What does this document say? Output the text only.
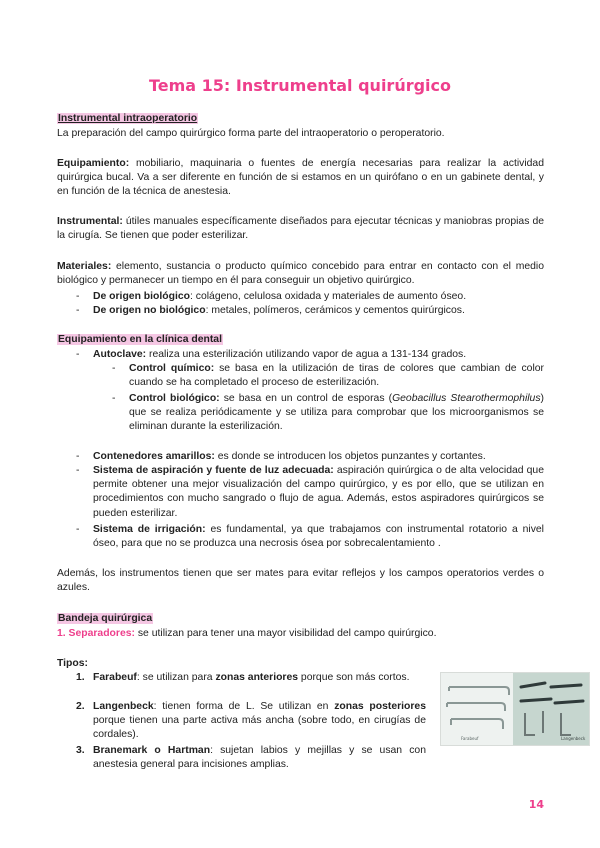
Tema 15: Instrumental quirúrgico
Instrumental intraoperatorio
La preparación del campo quirúrgico forma parte del intraoperatorio o peroperatorio.
Equipamiento: mobiliario, maquinaria o fuentes de energía necesarias para realizar la actividad quirúrgica bucal. Va a ser diferente en función de si estamos en un quirófano o en un gabinete dental, y en función de la técnica de anestesia.
Instrumental: útiles manuales específicamente diseñados para ejecutar técnicas y maniobras propias de la cirugía. Se tienen que poder esterilizar.
Materiales: elemento, sustancia o producto químico concebido para entrar en contacto con el medio biológico y permanecer un tiempo en él para conseguir un objetivo quirúrgico.
- De origen biológico: colágeno, celulosa oxidada y materiales de aumento óseo.
- De origen no biológico: metales, polímeros, cerámicos y cementos quirúrgicos.
Equipamiento en la clínica dental
- Autoclave: realiza una esterilización utilizando vapor de agua a 131-134 grados.
- Control químico: se basa en la utilización de tiras de colores que cambian de color cuando se ha completado el proceso de esterilización.
- Control biológico: se basa en un control de esporas (Geobacillus Stearothermophilus) que se realiza periódicamente y se utiliza para comprobar que los microorganismos se eliminan durante la esterilización.
- Contenedores amarillos: es donde se introducen los objetos punzantes y cortantes.
- Sistema de aspiración y fuente de luz adecuada: aspiración quirúrgica o de alta velocidad que permite obtener una mejor visualización del campo quirúrgico, y es por ello, que se utilizan en procedimientos con mucho sangrado o flujo de agua. Además, estos aspiradores quirúrgicos se pueden esterilizar.
- Sistema de irrigación: es fundamental, ya que trabajamos con instrumental rotatorio a nivel óseo, para que no se produzca una necrosis ósea por sobrecalentamiento .
Además, los instrumentos tienen que ser mates para evitar reflejos y los campos operatorios verdes o azules.
Bandeja quirúrgica
1. Separadores: se utilizan para tener una mayor visibilidad del campo quirúrgico.
Tipos:
1. Farabeuf: se utilizan para zonas anteriores porque son más cortos.
2. Langenbeck: tienen forma de L. Se utilizan en zonas posteriores porque tienen una parte activa más ancha (sobre todo, en cirugías de cordales).
3. Branemark o Hartman: sujetan labios y mejillas y se usan con anestesia general para incisiones amplias.
Farabeuf	Langenbeck
14
